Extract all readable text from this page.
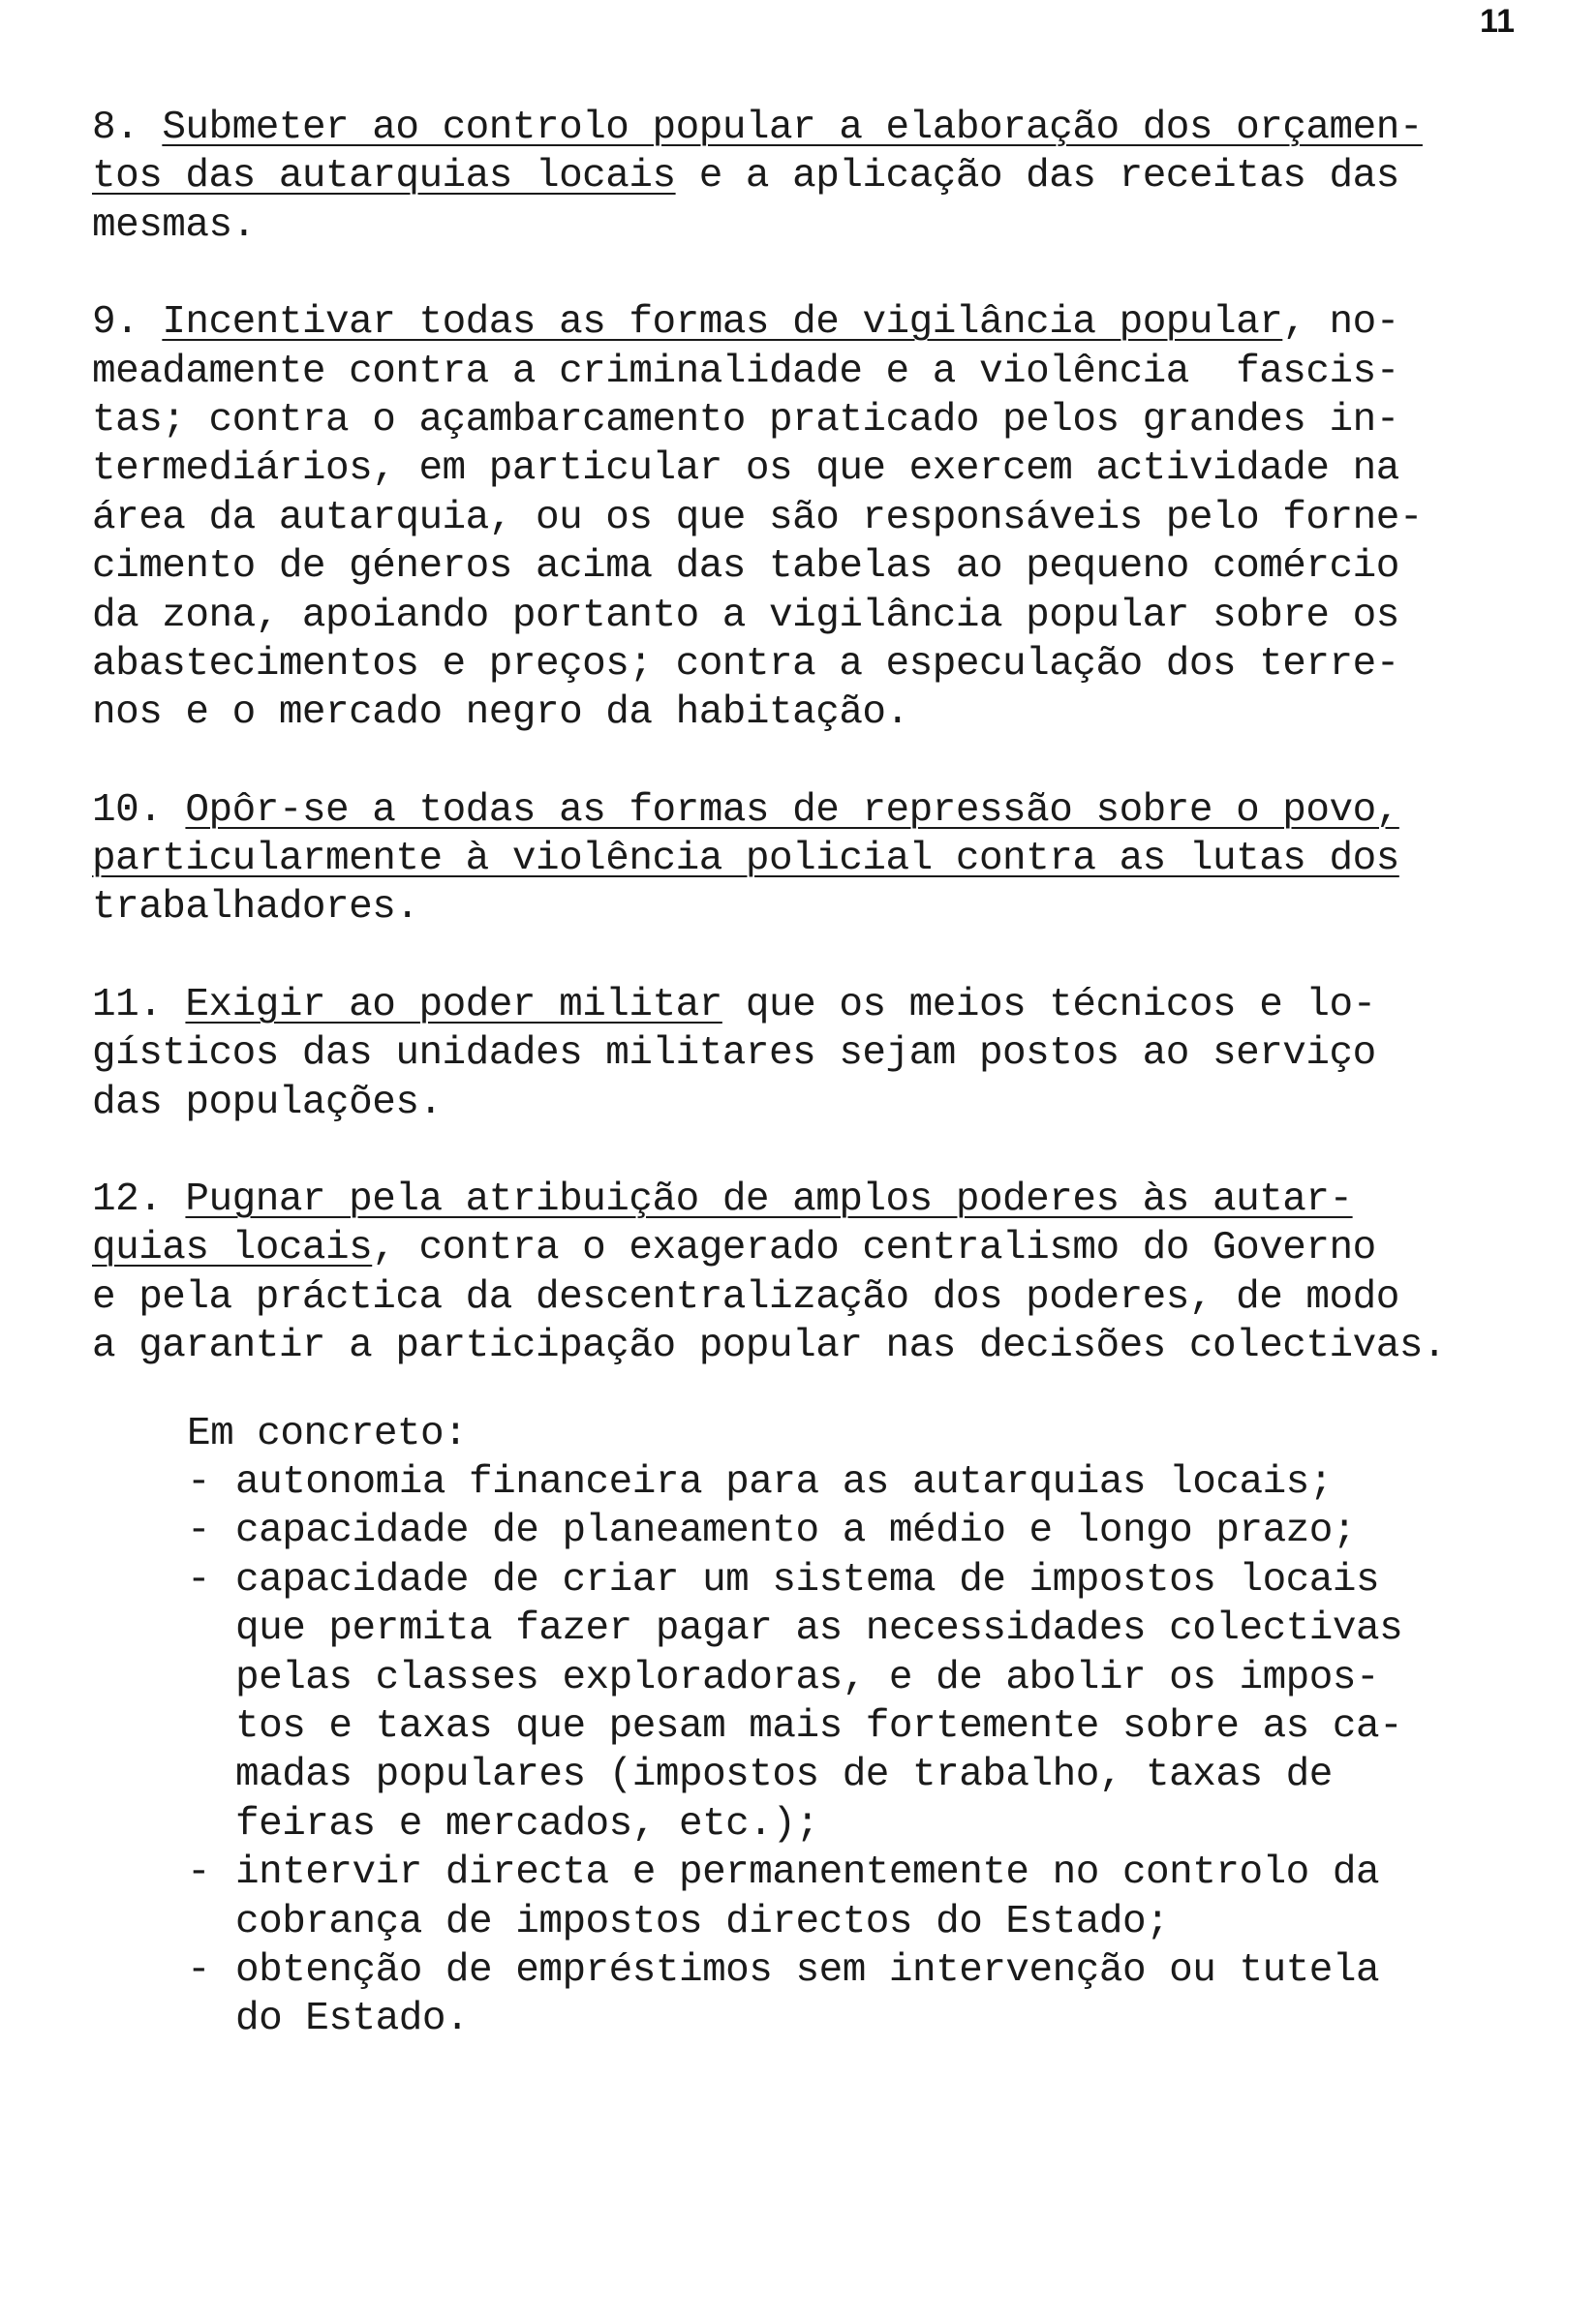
11
8. Submeter ao controlo popular a elaboração dos orçamen-
tos das autarquias locais e a aplicação das receitas das
mesmas.
9. Incentivar todas as formas de vigilância popular, no-
meadamente contra a criminalidade e a violência  fascis-
tas; contra o açambarcamento praticado pelos grandes in-
termediários, em particular os que exercem actividade na
área da autarquia, ou os que são responsáveis pelo forne-
cimento de géneros acima das tabelas ao pequeno comércio
da zona, apoiando portanto a vigilância popular sobre os
abastecimentos e preços; contra a especulação dos terre-
nos e o mercado negro da habitação.
10. Opôr-se a todas as formas de repressão sobre o povo,
particularmente à violência policial contra as lutas dos
trabalhadores.
11. Exigir ao poder militar que os meios técnicos e lo-
gísticos das unidades militares sejam postos ao serviço
das populações.
12. Pugnar pela atribuição de amplos poderes às autar-
quias locais, contra o exagerado centralismo do Governo
e pela práctica da descentralização dos poderes, de modo
a garantir a participação popular nas decisões colectivas.
Em concreto:
- autonomia financeira para as autarquias locais;
- capacidade de planeamento a médio e longo prazo;
- capacidade de criar um sistema de impostos locais
que permita fazer pagar as necessidades colectivas
pelas classes exploradoras, e de abolir os impos-
tos e taxas que pesam mais fortemente sobre as ca-
madas populares (impostos de trabalho, taxas de
feiras e mercados, etc.);
- intervir directa e permanentemente no controlo da
cobrança de impostos directos do Estado;
- obtenção de empréstimos sem intervenção ou tutela
do Estado.
